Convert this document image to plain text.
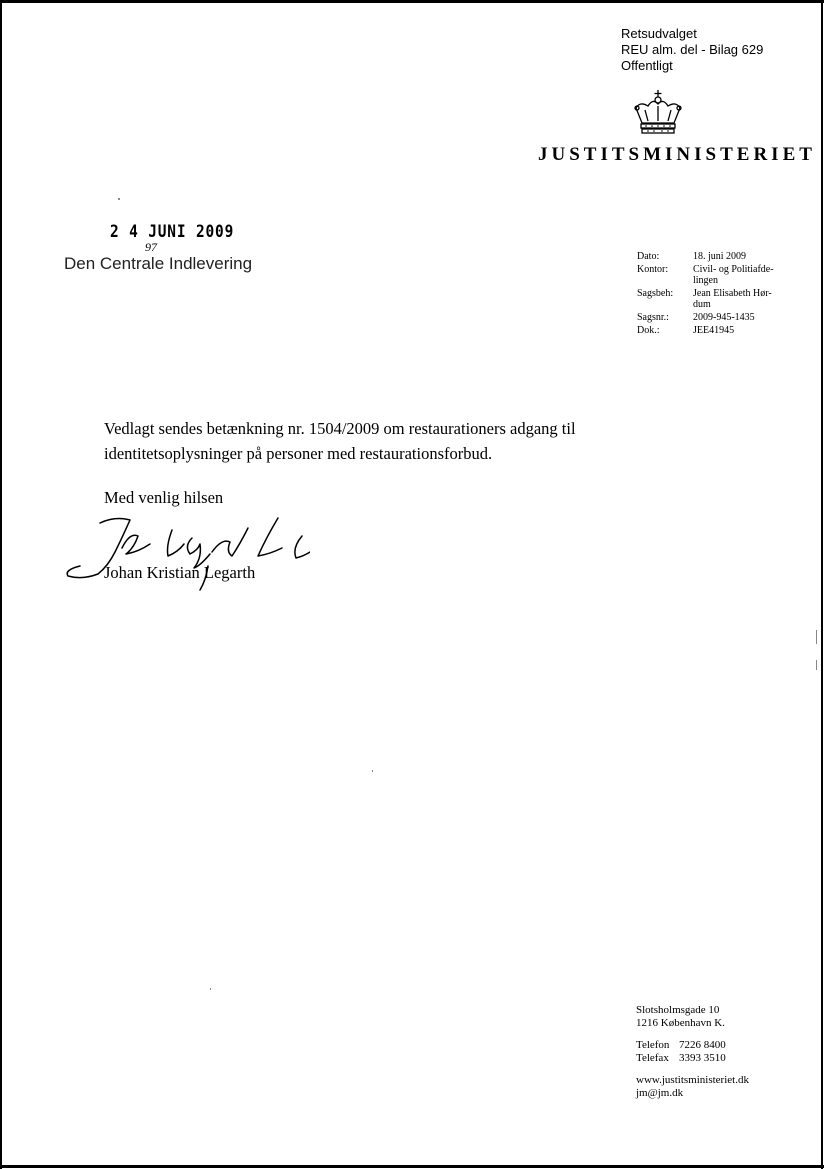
Retsudvalget
REU alm. del - Bilag 629
Offentligt
JUSTITSMINISTERIET
2 4 JUNI 2009
97
Den Centrale Indlevering	Dato:	18. juni 2009
Kontor:	Civil- og Politiafde-lingen
Sagsbeh:	Jean Elisabeth Hør-dum
Sagsnr.:	2009-945-1435
Dok.:	JEE41945
Vedlagt sendes betænkning nr. 1504/2009 om restaurationers adgang til identitetsoplysninger på personer med restaurationsforbud.
Med venlig hilsen
Johan Kristian Legarth
Slotsholmsgade 10
1216 København K.
Telefon 7226 8400
Telefax 3393 3510
www.justitsministeriet.dk
jm@jm.dk
